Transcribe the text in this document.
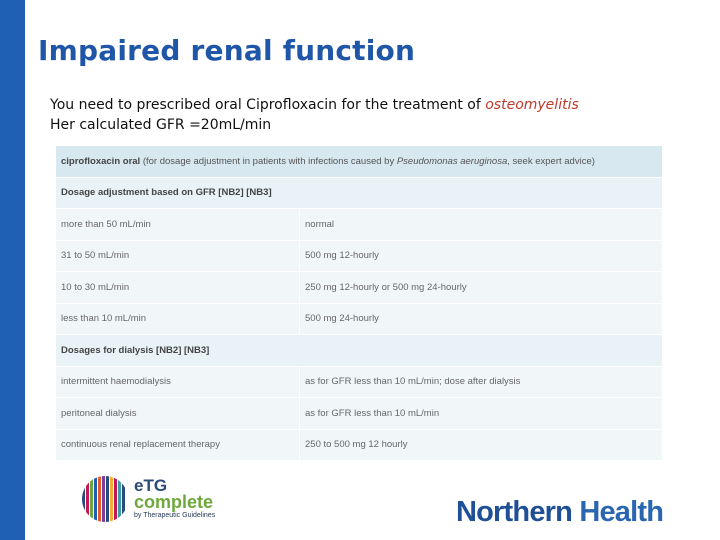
Impaired renal function
You need to prescribed oral Ciprofloxacin for the treatment of osteomyelitis
Her calculated GFR =20mL/min
ciprofloxacin oral (for dosage adjustment in patients with infections caused by Pseudomonas aeruginosa, seek expert advice)	
Dosage adjustment based on GFR [NB2] [NB3]	
more than 50 mL/min	normal
31 to 50 mL/min	500 mg 12-hourly
10 to 30 mL/min	250 mg 12-hourly or 500 mg 24-hourly
less than 10 mL/min	500 mg 24-hourly
Dosages for dialysis [NB2] [NB3]	
intermittent haemodialysis	as for GFR less than 10 mL/min; dose after dialysis
peritoneal dialysis	as for GFR less than 10 mL/min
continuous renal replacement therapy	250 to 500 mg 12 hourly
eTG
complete
by Therapeutic Guidelines	Northern Health
